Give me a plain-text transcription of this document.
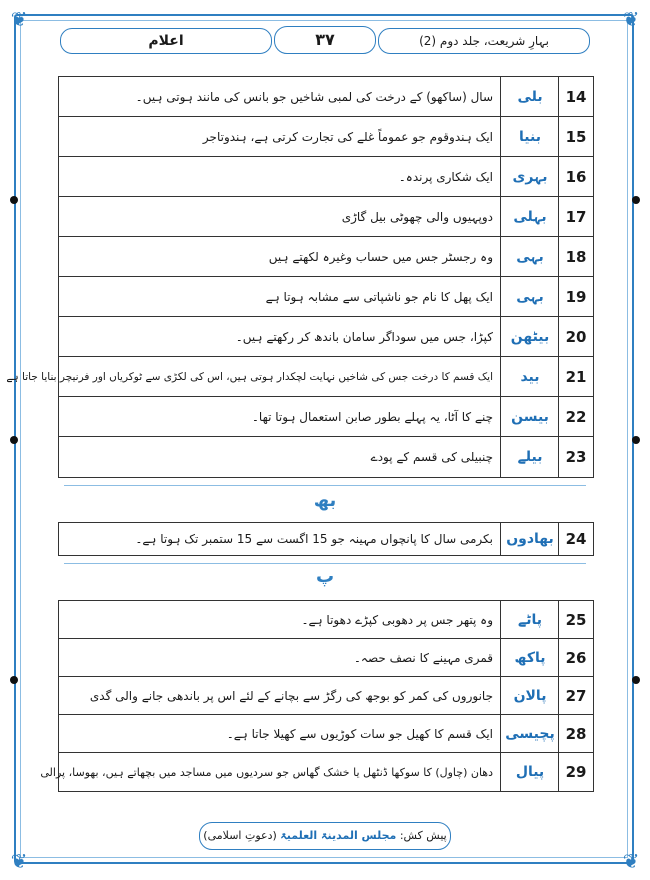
❦	❦
❦	❦
بہارِ شریعت، جلد دوم (2)
۳۷
اعلام
14
بلی
سال (ساکھو) کے درخت کی لمبی شاخیں جو بانس کی مانند ہوتی ہیں۔
15
بنیا
ایک ہندوقوم جو عموماً غلے کی تجارت کرتی ہے، ہندوتاجر
16
بہری
ایک شکاری پرندہ۔
17
بہلی
دوپہیوں والی چھوٹی بیل گاڑی
18
بہی
وہ رجسٹر جس میں حساب وغیرہ لکھتے ہیں
19
بہی
ایک پھل کا نام جو ناشپاتی سے مشابہ ہوتا ہے
20
بیٹھن
کپڑا، جس میں سوداگر سامان باندھ کر رکھتے ہیں۔
21
بید
ایک قسم کا درخت جس کی شاخیں نہایت لچکدار ہوتی ہیں، اس کی لکڑی سے ٹوکریاں اور فرنیچر بنایا جاتا ہے
22
بیسن
چنے کا آٹا، یہ پہلے بطور صابن استعمال ہوتا تھا۔
23
بیلے
چنبیلی کی قسم کے پودے
بھ
24
بھادوں
بکرمی سال کا پانچواں مہینہ جو 15 اگست سے 15 ستمبر تک ہوتا ہے۔
پ
25
پاٹے
وہ پتھر جس پر دھوبی کپڑے دھوتا ہے۔
26
پاکھ
قمری مہینے کا نصف حصہ۔
27
پالان
جانوروں کی کمر کو بوجھ کی رگڑ سے بچانے کے لئے اس پر باندھی جانے والی گدی
28
پچیسی
ایک قسم کا کھیل جو سات کوڑیوں سے کھیلا جاتا ہے۔
29
پیال
دھان (چاول) کا سوکھا ڈنٹھل یا خشک گھاس جو سردیوں میں مساجد میں بچھاتے ہیں، بھوسا، پرالی
پیش کش: مجلس المدینۃ العلمیۃ (دعوتِ اسلامی)
